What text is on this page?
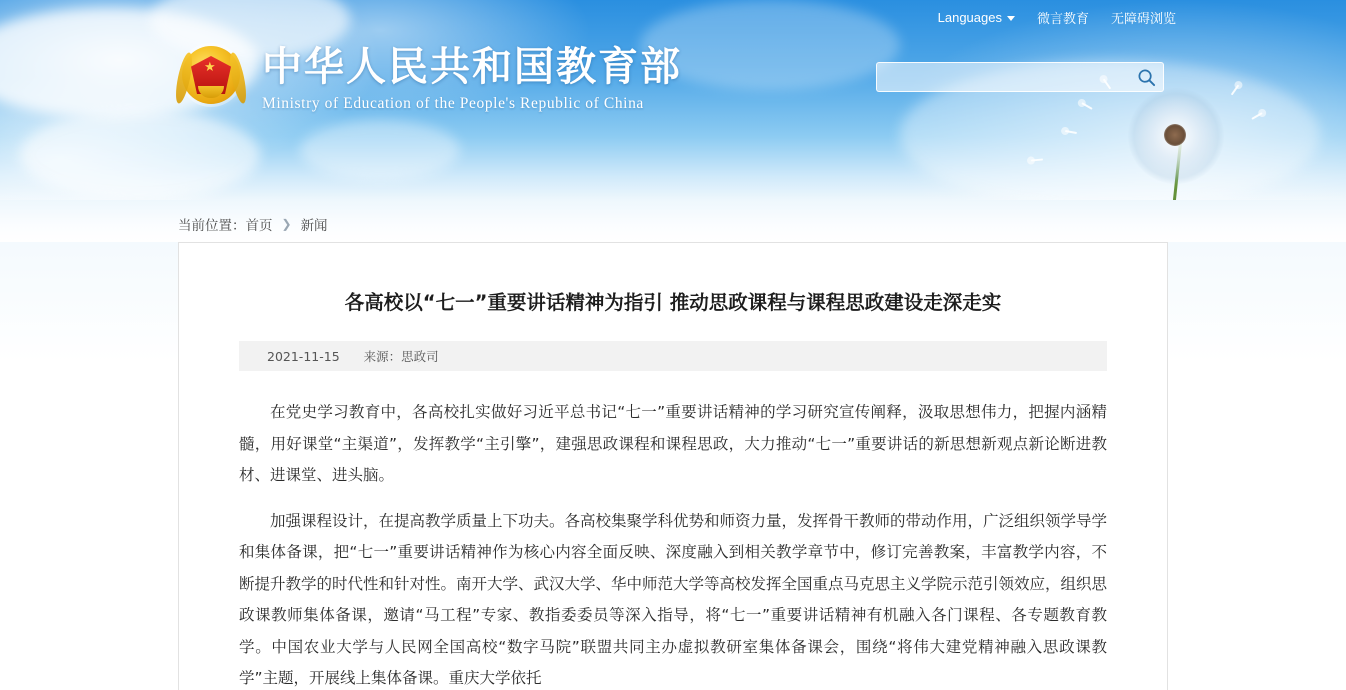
Languages	微言教育 无障碍浏览
★ 中华人民共和国教育部
Ministry of Education of the People's Republic of China
当前位置： 首页 ❯ 新闻
各高校以“七一”重要讲话精神为指引 推动思政课程与课程思政建设走深走实
2021-11-15 来源：思政司

在党史学习教育中，各高校扎实做好习近平总书记“七一”重要讲话精神的学习研究宣传阐释，汲取思想伟力，把握内涵精髓，用好课堂“主渠道”，发挥教学“主引擎”，建强思政课程和课程思政，大力推动“七一”重要讲话的新思想新观点新论断进教材、进课堂、进头脑。

加强课程设计，在提高教学质量上下功夫。各高校集聚学科优势和师资力量，发挥骨干教师的带动作用，广泛组织领学导学和集体备课，把“七一”重要讲话精神作为核心内容全面反映、深度融入到相关教学章节中，修订完善教案，丰富教学内容，不断提升教学的时代性和针对性。南开大学、武汉大学、华中师范大学等高校发挥全国重点马克思主义学院示范引领效应，组织思政课教师集体备课，邀请“马工程”专家、教指委委员等深入指导，将“七一”重要讲话精神有机融入各门课程、各专题教育教学。中国农业大学与人民网全国高校“数字马院”联盟共同主办虚拟教研室集体备课会，围绕“将伟大建党精神融入思政课教学”主题，开展线上集体备课。重庆大学依托
